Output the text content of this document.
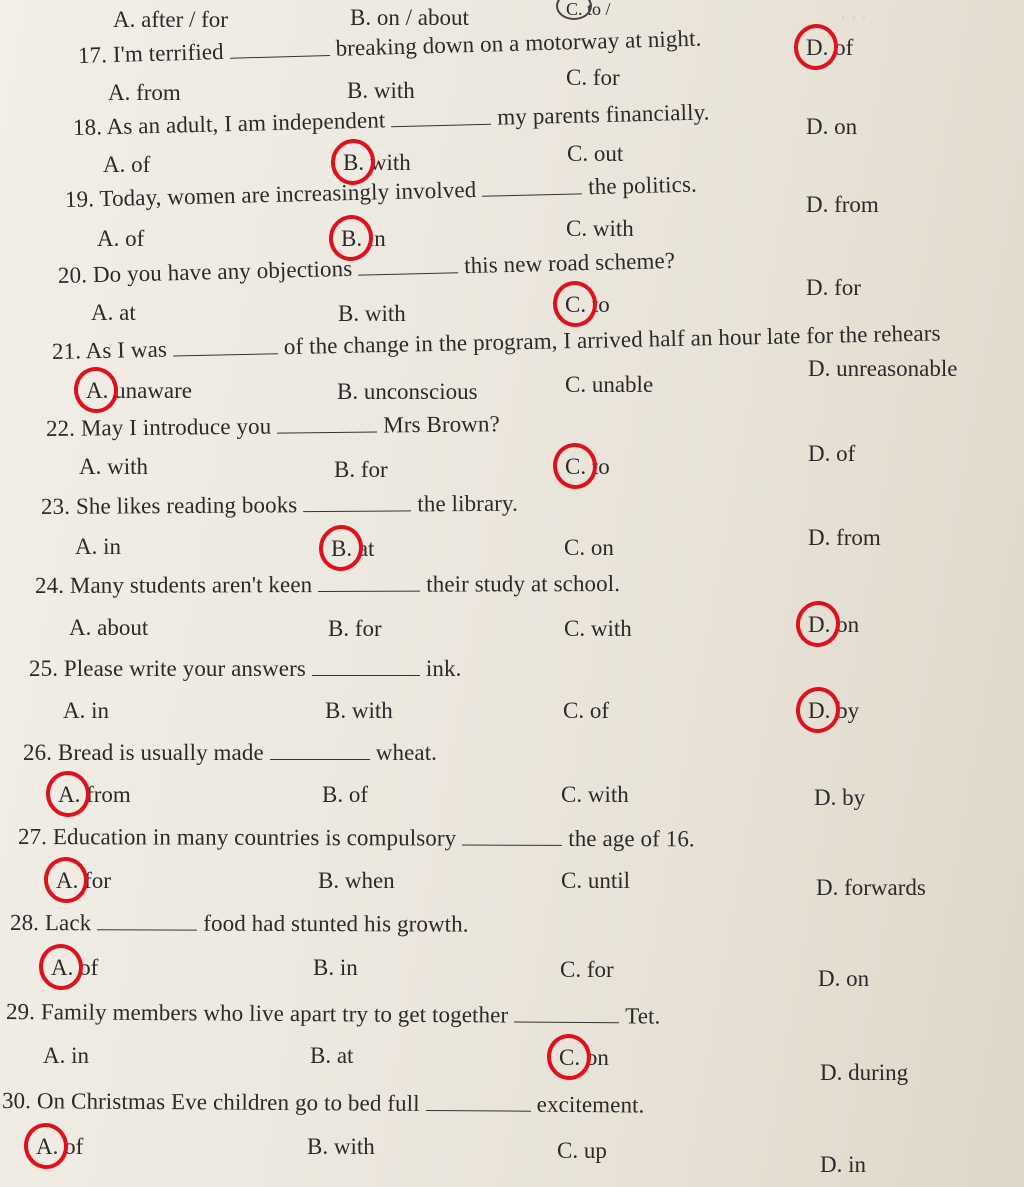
· · ·
A. after / for	B. on / about	C. to /
17. I'm terrified	breaking down on a motorway at night.
A. from	B. with
C. for
D. of
18. As an adult, I am independent	my parents financially.
A. of	B. with	C. out
D. on
19. Today, women are increasingly involved	the politics.
A. of	B. in	C. with
D. from
20. Do you have any objections	this new road scheme?
A. at	B. with	C. to
D. for
21. As I was	of the change in the program, I arrived half an hour late for the rehears
A. unaware	B. unconscious	C. unable
D. unreasonable
22. May I introduce you	Mrs Brown?
A. with	B. for	C. to
D. of
23. She likes reading books	the library.
A. in	B. at	C. on	D. from
24. Many students aren't keen	their study at school.
A. about	B. for	C. with	D. on
25. Please write your answers	ink.
A. in	B. with	C. of	D. by
26. Bread is usually made	wheat.
A. from	B. of	C. with	D. by
27. Education in many countries is compulsory	the age of 16.
A. for	B. when	C. until	D. forwards
28. Lack	food had stunted his growth.
A. of	B. in	C. for	D. on
29. Family members who live apart try to get together	Tet.
A. in	B. at	C. on
D. during
30. On Christmas Eve children go to bed full	excitement.
A. of	B. with	C. up
D. in
